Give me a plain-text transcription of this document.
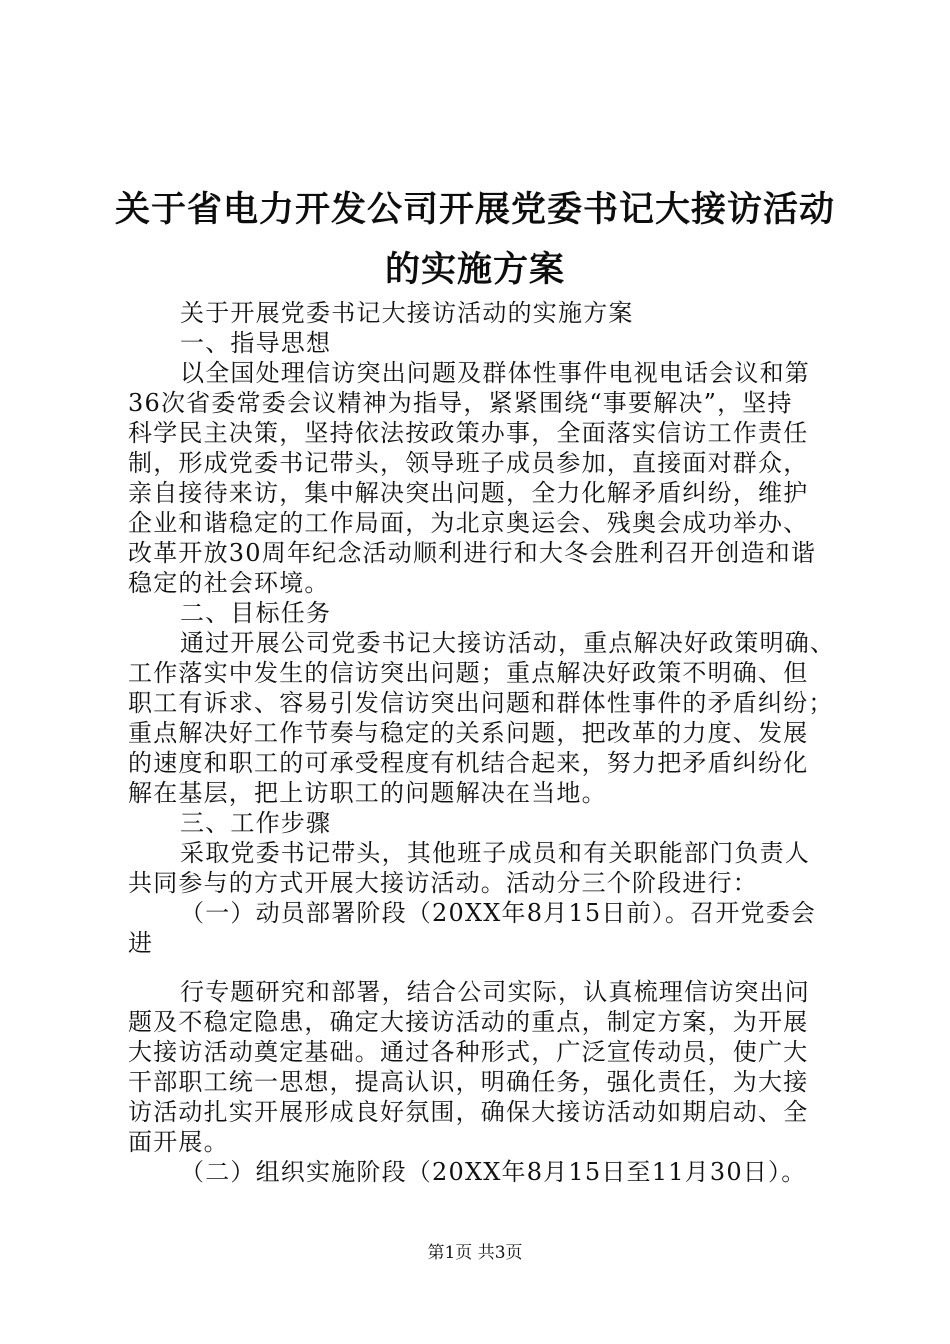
关于省电力开发公司开展党委书记大接访活动
的实施方案
关于开展党委书记大接访活动的实施方案
一、指导思想
以全国处理信访突出问题及群体性事件电视电话会议和第
36次省委常委会议精神为指导，紧紧围绕“事要解决”，坚持
科学民主决策，坚持依法按政策办事，全面落实信访工作责任
制，形成党委书记带头，领导班子成员参加，直接面对群众，
亲自接待来访，集中解决突出问题，全力化解矛盾纠纷，维护
企业和谐稳定的工作局面，为北京奥运会、残奥会成功举办、
改革开放30周年纪念活动顺利进行和大冬会胜利召开创造和谐
稳定的社会环境。
二、目标任务
通过开展公司党委书记大接访活动，重点解决好政策明确、
工作落实中发生的信访突出问题；重点解决好政策不明确、但
职工有诉求、容易引发信访突出问题和群体性事件的矛盾纠纷；
重点解决好工作节奏与稳定的关系问题，把改革的力度、发展
的速度和职工的可承受程度有机结合起来，努力把矛盾纠纷化
解在基层，把上访职工的问题解决在当地。
三、工作步骤
采取党委书记带头，其他班子成员和有关职能部门负责人
共同参与的方式开展大接访活动。活动分三个阶段进行：
（一）动员部署阶段（20XX年8月15日前）。召开党委会
进
行专题研究和部署，结合公司实际，认真梳理信访突出问
题及不稳定隐患，确定大接访活动的重点，制定方案，为开展
大接访活动奠定基础。通过各种形式，广泛宣传动员，使广大
干部职工统一思想，提高认识，明确任务，强化责任，为大接
访活动扎实开展形成良好氛围，确保大接访活动如期启动、全
面开展。
（二）组织实施阶段（20XX年8月15日至11月30日）。
第1页 共3页
